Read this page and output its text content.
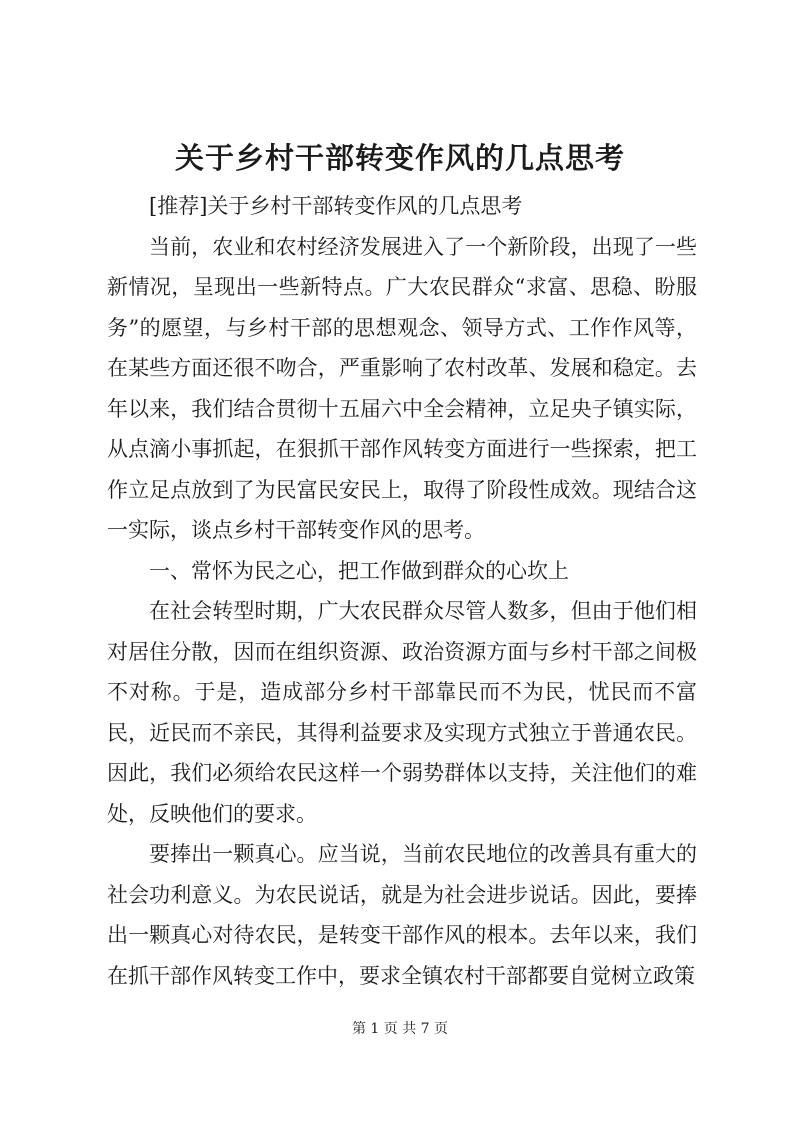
关于乡村干部转变作风的几点思考

[推荐]关于乡村干部转变作风的几点思考

当前，农业和农村经济发展进入了一个新阶段，出现了一些新情况，呈现出一些新特点。广大农民群众“求富、思稳、盼服务”的愿望，与乡村干部的思想观念、领导方式、工作作风等，在某些方面还很不吻合，严重影响了农村改革、发展和稳定。去年以来，我们结合贯彻十五届六中全会精神，立足央子镇实际，从点滴小事抓起，在狠抓干部作风转变方面进行一些探索，把工作立足点放到了为民富民安民上，取得了阶段性成效。现结合这一实际，谈点乡村干部转变作风的思考。

一、常怀为民之心，把工作做到群众的心坎上

在社会转型时期，广大农民群众尽管人数多，但由于他们相对居住分散，因而在组织资源、政治资源方面与乡村干部之间极不对称。于是，造成部分乡村干部靠民而不为民，忧民而不富民，近民而不亲民，其得利益要求及实现方式独立于普通农民。因此，我们必须给农民这样一个弱势群体以支持，关注他们的难处，反映他们的要求。

要捧出一颗真心。应当说，当前农民地位的改善具有重大的社会功利意义。为农民说话，就是为社会进步说话。因此，要捧出一颗真心对待农民，是转变干部作风的根本。去年以来，我们在抓干部作风转变工作中，要求全镇农村干部都要自觉树立政策

第 1 页 共 7 页
